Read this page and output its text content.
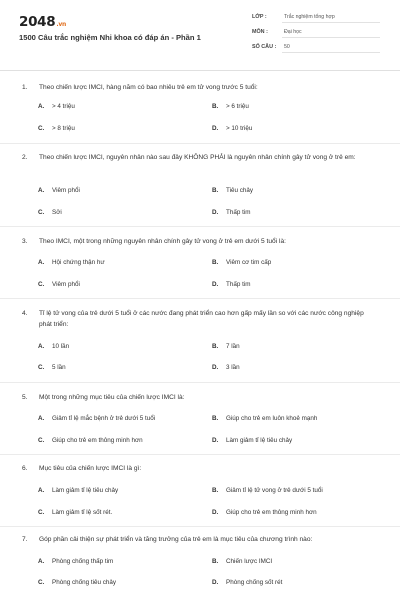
2048.vn
1500 Câu trắc nghiệm Nhi khoa có đáp án - Phần 1
LỚP :	Trắc nghiệm tổng hợp
MÔN :	Đại học
SỐ CÂU :	50
1. Theo chiến lược IMCI, hàng năm có bao nhiêu trẻ em tử vong trước 5 tuổi:
A. > 4 triệu	B. > 6 triệu
C. > 8 triệu	D. > 10 triệu
2. Theo chiến lược IMCI, nguyên nhân nào sau đây KHÔNG PHẢI là nguyên nhân chính gây tử vong ở trẻ em:
A. Viêm phổi	B. Tiêu chảy
C. Sởi	D. Thấp tim
3. Theo IMCI, một trong những nguyên nhân chính gây tử vong ở trẻ em dưới 5 tuổi là:
A. Hội chứng thận hư	B. Viêm cơ tim cấp
C. Viêm phổi	D. Thấp tim
4. Tỉ lệ tử vong của trẻ dưới 5 tuổi ở các nước đang phát triển cao hơn gấp mấy lần so với các nước công nghiệp phát triển:
A. 10 lần	B. 7 lần
C. 5 lần	D. 3 lần
5. Một trong những mục tiêu của chiến lược IMCI là:
A. Giảm tỉ lệ mắc bệnh ở trẻ dưới 5 tuổi	B. Giúp cho trẻ em luôn khoẻ mạnh
C. Giúp cho trẻ em thông minh hơn	D. Làm giảm tỉ lệ tiêu chảy
6. Mục tiêu của chiến lược IMCI là gì:
A. Làm giảm tỉ lệ tiêu chảy	B. Giảm tỉ lệ tử vong ở trẻ dưới 5 tuổi
C. Làm giảm tỉ lệ sốt rét.	D. Giúp cho trẻ em thông minh hơn
7. Góp phần cải thiện sự phát triển và tăng trưởng của trẻ em là mục tiêu của chương trình nào:
A. Phòng chống thấp tim	B. Chiến lược IMCI
C. Phòng chống tiêu chảy	D. Phòng chống sốt rét
